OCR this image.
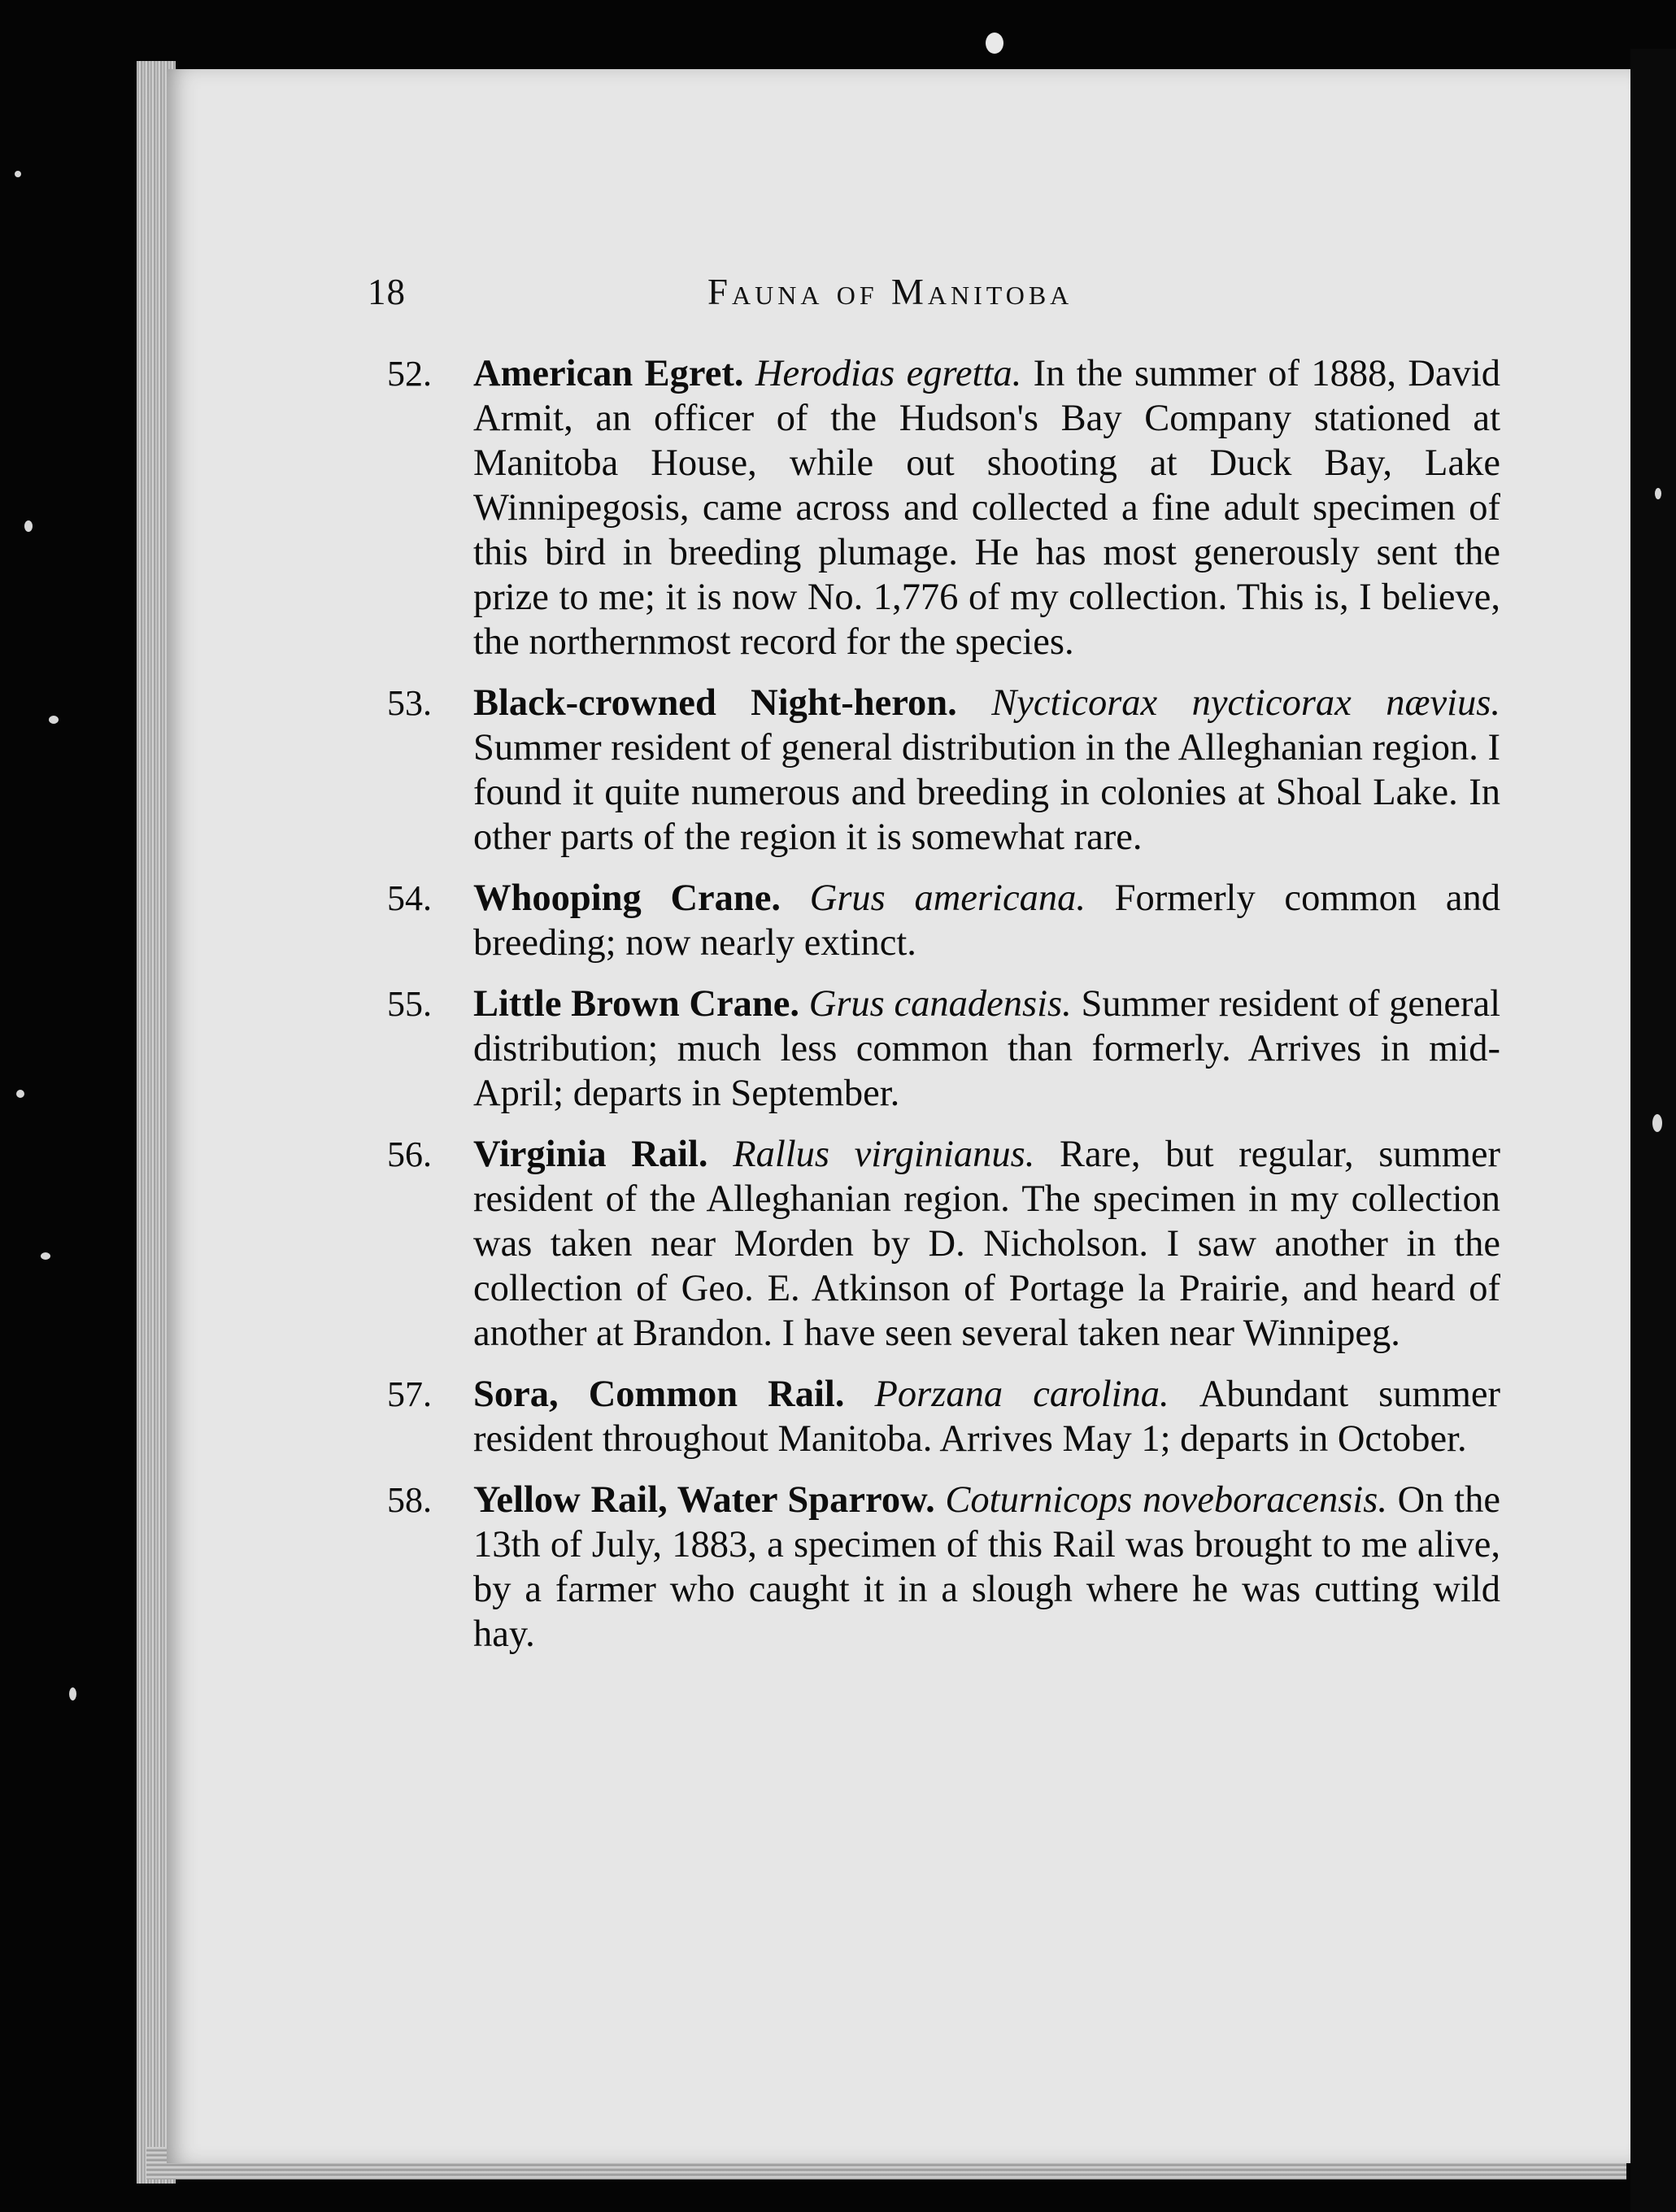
18	Fauna of Manitoba
52. American Egret. Herodias egretta. In the summer of 1888, David Armit, an officer of the Hudson's Bay Company stationed at Manitoba House, while out shooting at Duck Bay, Lake Winnipegosis, came across and collected a fine adult specimen of this bird in breeding plumage. He has most generously sent the prize to me; it is now No. 1,776 of my collection. This is, I believe, the northernmost record for the species.
53. Black-crowned Night-heron. Nycticorax nycticorax nævius. Summer resident of general distribution in the Alleghanian region. I found it quite numerous and breeding in colonies at Shoal Lake. In other parts of the region it is somewhat rare.
54. Whooping Crane. Grus americana. Formerly common and breeding; now nearly extinct.
55. Little Brown Crane. Grus canadensis. Summer resident of general distribution; much less common than formerly. Arrives in mid-April; departs in September.
56. Virginia Rail. Rallus virginianus. Rare, but regular, summer resident of the Alleghanian region. The specimen in my collection was taken near Morden by D. Nicholson. I saw another in the collection of Geo. E. Atkinson of Portage la Prairie, and heard of another at Brandon. I have seen several taken near Winnipeg.
57. Sora, Common Rail. Porzana carolina. Abundant summer resident throughout Manitoba. Arrives May 1; departs in October.
58. Yellow Rail, Water Sparrow. Coturnicops noveboracensis. On the 13th of July, 1883, a specimen of this Rail was brought to me alive, by a farmer who caught it in a slough where he was cutting wild hay.
